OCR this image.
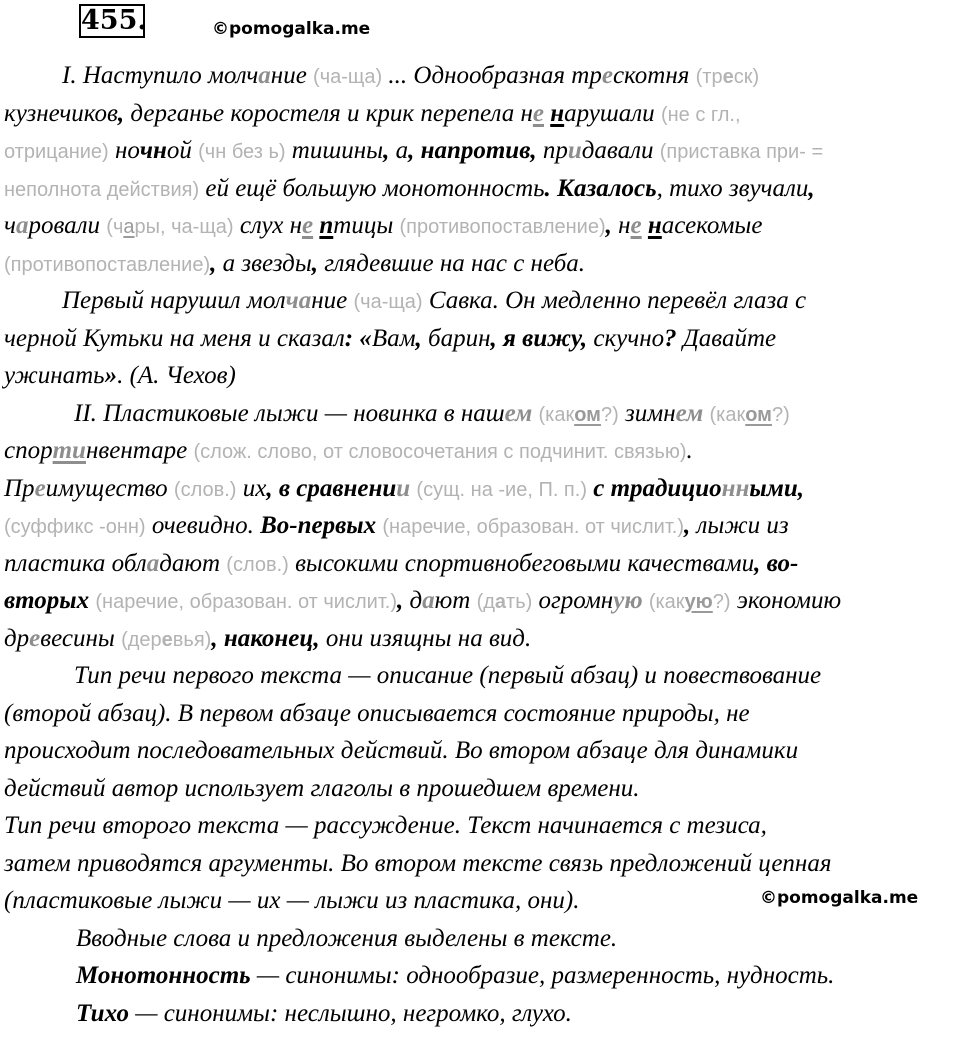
455.	©pomogalka.me
©pomogalka.me
I. Наступило молчание (ча-ща) ... Однообразная трескотня (треск)
кузнечиков, дерганье коростеля и крик перепела не нарушали (не с гл.,
отрицание) ночной (чн без ь) тишины, а, напротив, придавали (приставка при- =
неполнота действия) ей ещё большую монотонность. Казалось, тихо звучали,
чаровали (чары, ча-ща) слух не птицы (противопоставление), не насекомые
(противопоставление), а звезды, глядевшие на нас с неба.
Первый нарушил молчание (ча-ща) Савка. Он медленно перевёл глаза с
черной Кутьки на меня и сказал: «Вам, барин, я вижу, скучно? Давайте
ужинать». (А. Чехов)
II. Пластиковые лыжи — новинка в нашем (каком?) зимнем (каком?)
спортинвентаре (слож. слово, от словосочетания с подчинит. связью).
Преимущество (слов.) их, в сравнении (сущ. на -ие, П. п.) с традиционными,
(суффикс -онн) очевидно. Во-первых (наречие, образован. от числит.), лыжи из
пластика обладают (слов.) высокими спортивнобеговыми качествами, во-
вторых (наречие, образован. от числит.), дают (дать) огромную (какую?) экономию
древесины (деревья), наконец, они изящны на вид.
Тип речи первого текста — описание (первый абзац) и повествование
(второй абзац). В первом абзаце описывается состояние природы, не
происходит последовательных действий. Во втором абзаце для динамики
действий автор использует глаголы в прошедшем времени.
Тип речи второго текста — рассуждение. Текст начинается с тезиса,
затем приводятся аргументы. Во втором тексте связь предложений цепная
(пластиковые лыжи — их — лыжи из пластика, они).
Вводные слова и предложения выделены в тексте.
Монотонность — синонимы: однообразие, размеренность, нудность.
Тихо — синонимы: неслышно, негромко, глухо.
